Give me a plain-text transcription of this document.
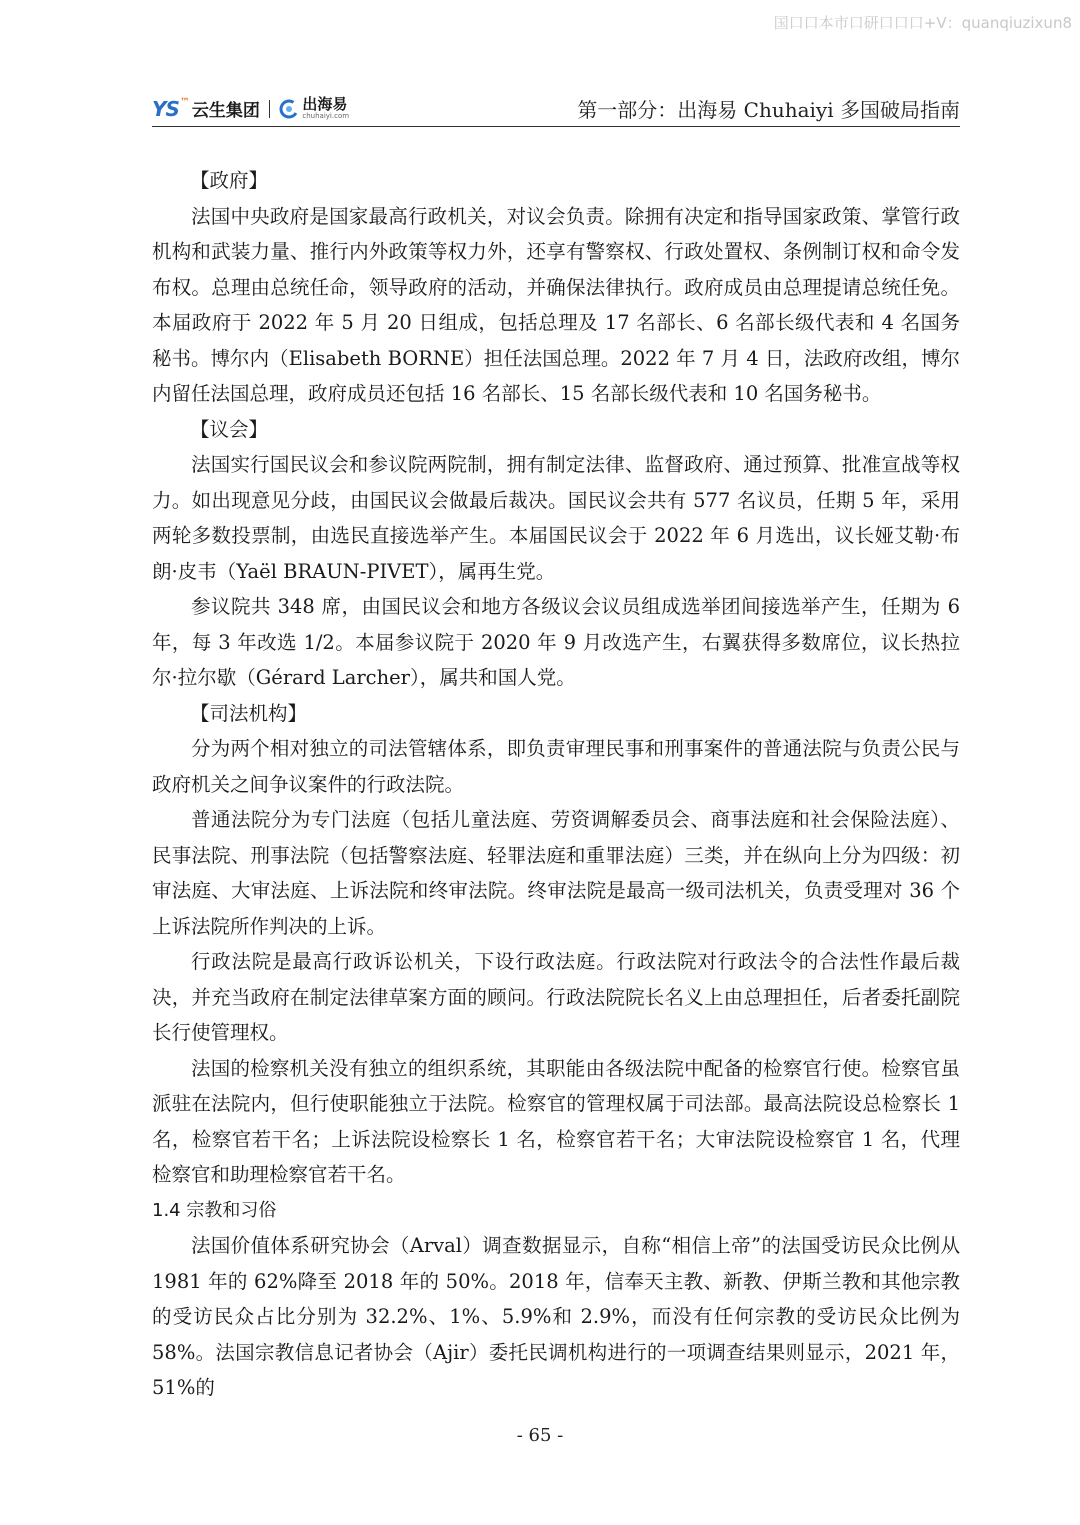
国口口本市口研口口口+V：quanqiuzixun8
YS™ 云生集团	出海易
chuhaiyi.com	第一部分：出海易 Chuhaiyi 多国破局指南

【政府】

法国中央政府是国家最高行政机关，对议会负责。除拥有决定和指导国家政策、掌管行政机构和武装力量、推行内外政策等权力外，还享有警察权、行政处置权、条例制订权和命令发布权。总理由总统任命，领导政府的活动，并确保法律执行。政府成员由总理提请总统任免。本届政府于 2022 年 5 月 20 日组成，包括总理及 17 名部长、6 名部长级代表和 4 名国务秘书。博尔内（Elisabeth BORNE）担任法国总理。2022 年 7 月 4 日，法政府改组，博尔内留任法国总理，政府成员还包括 16 名部长、15 名部长级代表和 10 名国务秘书。

【议会】

法国实行国民议会和参议院两院制，拥有制定法律、监督政府、通过预算、批准宣战等权力。如出现意见分歧，由国民议会做最后裁决。国民议会共有 577 名议员，任期 5 年，采用两轮多数投票制，由选民直接选举产生。本届国民议会于 2022 年 6 月选出，议长娅艾勒·布朗·皮韦（Yaël BRAUN-PIVET），属再生党。

参议院共 348 席，由国民议会和地方各级议会议员组成选举团间接选举产生，任期为 6 年，每 3 年改选 1/2。本届参议院于 2020 年 9 月改选产生，右翼获得多数席位，议长热拉尔·拉尔歇（Gérard Larcher），属共和国人党。

【司法机构】

分为两个相对独立的司法管辖体系，即负责审理民事和刑事案件的普通法院与负责公民与政府机关之间争议案件的行政法院。

普通法院分为专门法庭（包括儿童法庭、劳资调解委员会、商事法庭和社会保险法庭）、民事法院、刑事法院（包括警察法庭、轻罪法庭和重罪法庭）三类，并在纵向上分为四级：初审法庭、大审法庭、上诉法院和终审法院。终审法院是最高一级司法机关，负责受理对 36 个上诉法院所作判决的上诉。

行政法院是最高行政诉讼机关，下设行政法庭。行政法院对行政法令的合法性作最后裁决，并充当政府在制定法律草案方面的顾问。行政法院院长名义上由总理担任，后者委托副院长行使管理权。

法国的检察机关没有独立的组织系统，其职能由各级法院中配备的检察官行使。检察官虽派驻在法院内，但行使职能独立于法院。检察官的管理权属于司法部。最高法院设总检察长 1 名，检察官若干名；上诉法院设检察长 1 名，检察官若干名；大审法院设检察官 1 名，代理检察官和助理检察官若干名。

1.4 宗教和习俗

法国价值体系研究协会（Arval）调查数据显示，自称“相信上帝”的法国受访民众比例从 1981 年的 62%降至 2018 年的 50%。2018 年，信奉天主教、新教、伊斯兰教和其他宗教的受访民众占比分别为 32.2%、1%、5.9%和 2.9%，而没有任何宗教的受访民众比例为 58%。法国宗教信息记者协会（Ajir）委托民调机构进行的一项调查结果则显示，2021 年，51%的

- 65 -
